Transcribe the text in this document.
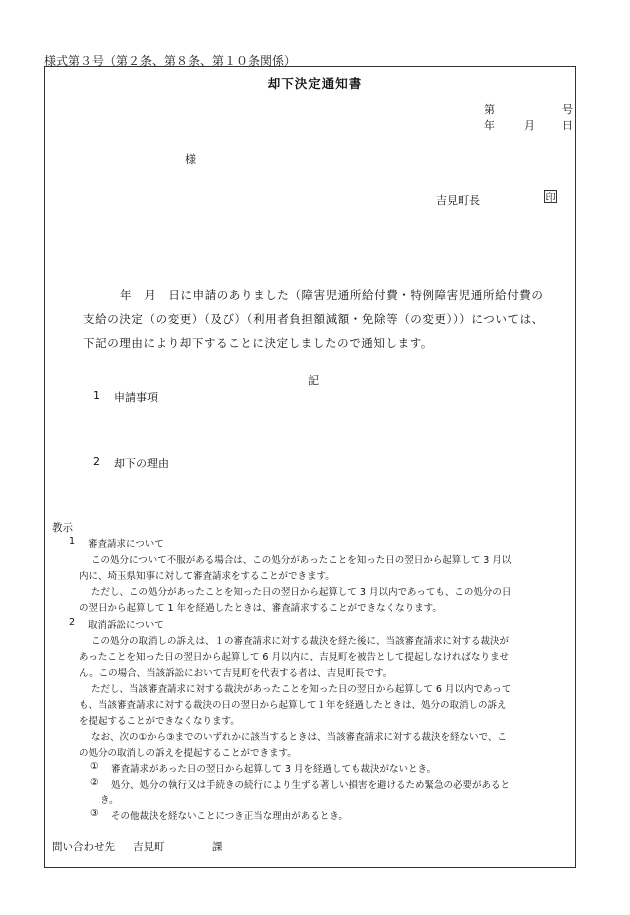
様式第３号（第２条、第８条、第１０条関係）
却下決定通知書
第	号
年	月 日
様
吉見町長	印
年　月　日に申請のありました（障害児通所給付費・特例障害児通所給付費の
支給の決定（の変更）（及び）（利用者負担額減額・免除等（の変更）））については、
下記の理由により却下することに決定しましたので通知します。
記
1 申請事項
2 却下の理由
教示
1 審査請求について
この処分について不服がある場合は、この処分があったことを知った日の翌日から起算して 3 月以
内に、埼玉県知事に対して審査請求をすることができます。
ただし、この処分があったことを知った日の翌日から起算して 3 月以内であっても、この処分の日
の翌日から起算して 1 年を経過したときは、審査請求することができなくなります。
2 取消訴訟について
この処分の取消しの訴えは、１の審査請求に対する裁決を経た後に、当該審査請求に対する裁決が
あったことを知った日の翌日から起算して 6 月以内に、吉見町を被告として提起しなければなりませ
ん。この場合、当該訴訟において吉見町を代表する者は、吉見町長です。
ただし、当該審査請求に対する裁決があったことを知った日の翌日から起算して 6 月以内であって
も、当該審査請求に対する裁決の日の翌日から起算して１年を経過したときは、処分の取消しの訴え
を提起することができなくなります。
なお、次の①から③までのいずれかに該当するときは、当該審査請求に対する裁決を経ないで、こ
の処分の取消しの訴えを提起することができます。
① 審査請求があった日の翌日から起算して 3 月を経過しても裁決がないとき。
② 処分、処分の執行又は手続きの続行により生ずる著しい損害を避けるため緊急の必要があると
き。
③ その他裁決を経ないことにつき正当な理由があるとき。
問い合わせ先 吉見町	課
